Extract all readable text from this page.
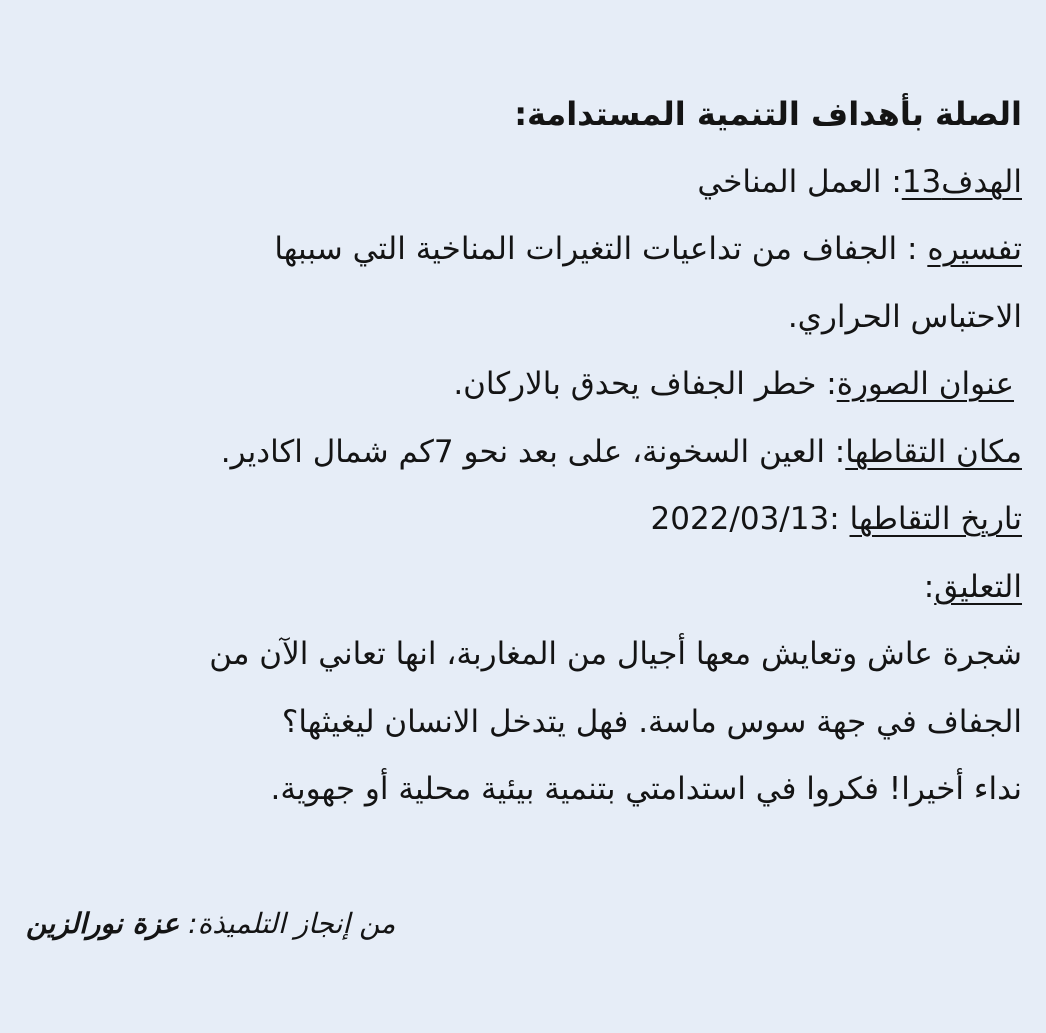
الصلة بأهداف التنمية المستدامة:
الهدف13: العمل المناخي
تفسيره : الجفاف من تداعيات التغيرات المناخية التي سببها
الاحتباس الحراري.
عنوان الصورة: خطر الجفاف يحدق بالاركان.
مكان التقاطها: العين السخونة، على بعد نحو 7كم شمال اكادير.
تاريخ التقاطها :2022/03/13
التعليق:
شجرة عاش وتعايش معها أجيال من المغاربة، انها تعاني الآن من
الجفاف في جهة سوس ماسة. فهل يتدخل الانسان ليغيثها؟
نداء أخيرا! فكروا في استدامتي بتنمية بيئية محلية أو جهوية.
من إنجاز التلميذة: عزة نورالزين
